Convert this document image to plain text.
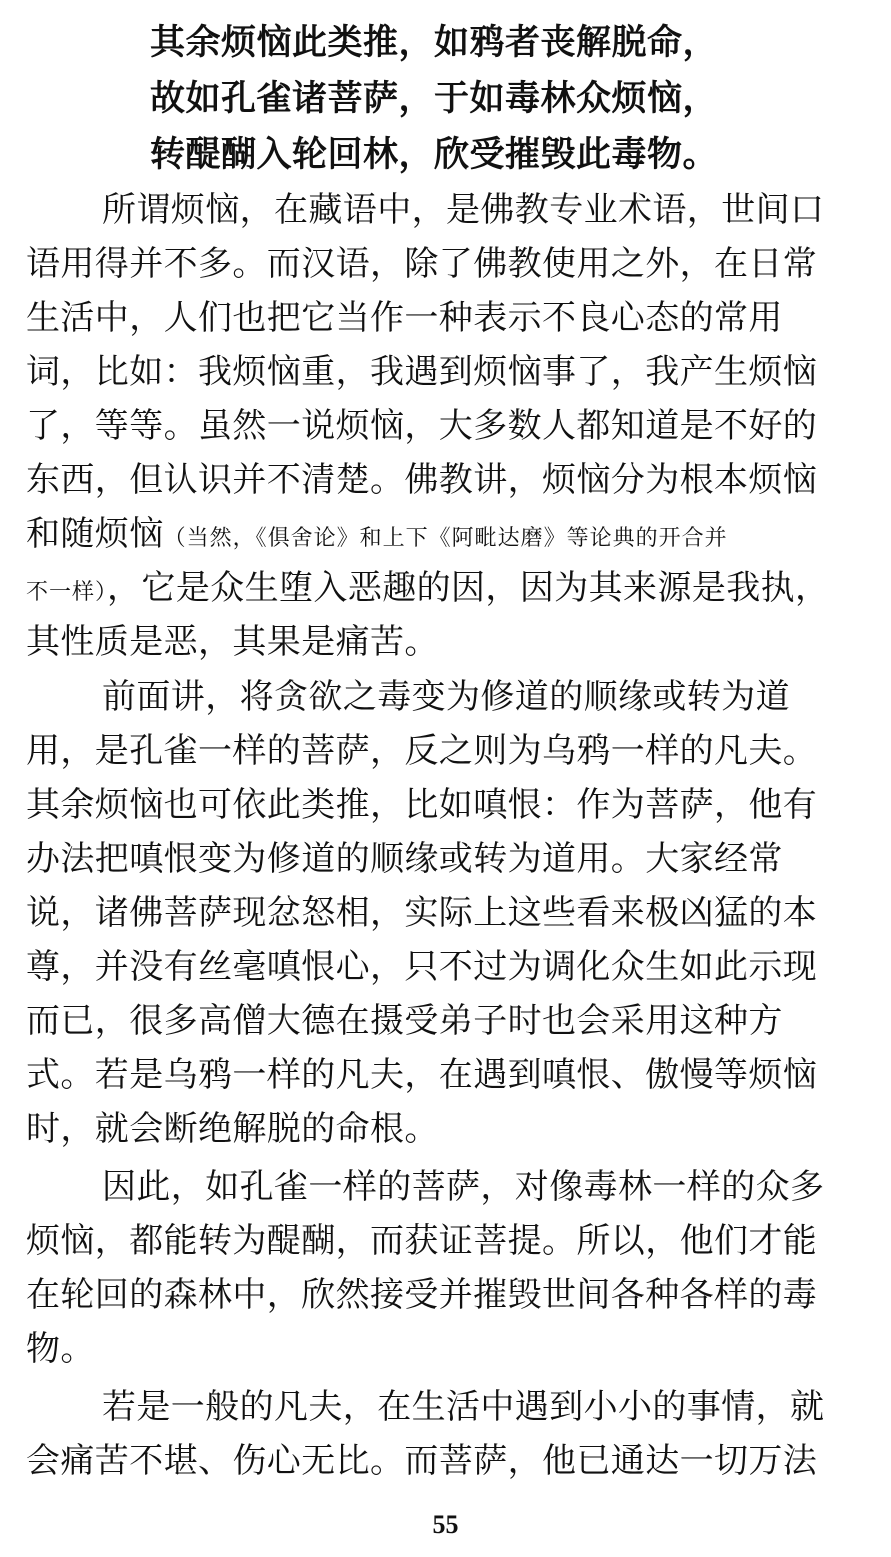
其余烦恼此类推，如鸦者丧解脱命，
故如孔雀诸菩萨，于如毒林众烦恼，
转醍醐入轮回林，欣受摧毁此毒物。
所谓烦恼，在藏语中，是佛教专业术语，世间口
语用得并不多。而汉语，除了佛教使用之外，在日常
生活中，人们也把它当作一种表示不良心态的常用
词，比如：我烦恼重，我遇到烦恼事了，我产生烦恼
了，等等。虽然一说烦恼，大多数人都知道是不好的
东西，但认识并不清楚。佛教讲，烦恼分为根本烦恼
和随烦恼（当然，《俱舍论》和上下《阿毗达磨》等论典的开合并
不一样），它是众生堕入恶趣的因，因为其来源是我执，
其性质是恶，其果是痛苦。
前面讲，将贪欲之毒变为修道的顺缘或转为道
用，是孔雀一样的菩萨，反之则为乌鸦一样的凡夫。
其余烦恼也可依此类推，比如嗔恨：作为菩萨，他有
办法把嗔恨变为修道的顺缘或转为道用。大家经常
说，诸佛菩萨现忿怒相，实际上这些看来极凶猛的本
尊，并没有丝毫嗔恨心，只不过为调化众生如此示现
而已，很多高僧大德在摄受弟子时也会采用这种方
式。若是乌鸦一样的凡夫，在遇到嗔恨、傲慢等烦恼
时，就会断绝解脱的命根。
因此，如孔雀一样的菩萨，对像毒林一样的众多
烦恼，都能转为醍醐，而获证菩提。所以，他们才能
在轮回的森林中，欣然接受并摧毁世间各种各样的毒
物。
若是一般的凡夫，在生活中遇到小小的事情，就
会痛苦不堪、伤心无比。而菩萨，他已通达一切万法
55
